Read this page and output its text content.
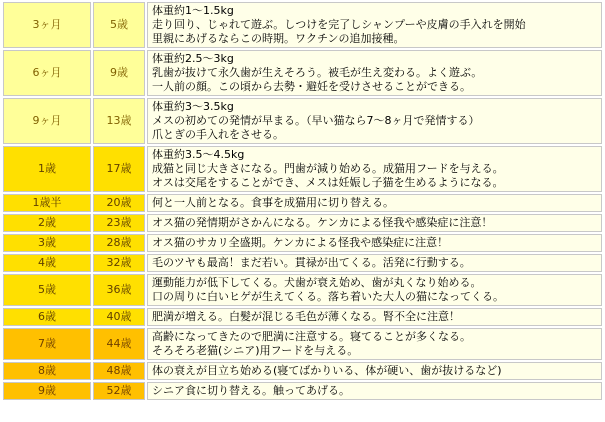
3ヶ月	5歳	体重約1～1.5kg
走り回り、じゃれて遊ぶ。しつけを完了しシャンプーや皮膚の手入れを開始
里親にあげるならこの時期。ワクチンの追加接種。

6ヶ月	9歳	体重約2.5～3kg
乳歯が抜けて永久歯が生えそろう。被毛が生え変わる。よく遊ぶ。
一人前の顔。この頃から去勢・避妊を受けさせることができる。

9ヶ月	13歳	体重約3～3.5kg
メスの初めての発情が早まる。（早い猫なら7～8ヶ月で発情する）
爪とぎの手入れをさせる。

1歳	17歳	体重約3.5～4.5kg
成猫と同じ大きさになる。門歯が減り始める。成猫用フードを与える。
オスは交尾をすることができ、メスは妊娠し子猫を生めるようになる。

1歳半	20歳	何と一人前となる。食事を成猫用に切り替える。

2歳	23歳	オス猫の発情期がさかんになる。ケンカによる怪我や感染症に注意！

3歳	28歳	オス猫のサカリ全盛期。ケンカによる怪我や感染症に注意！

4歳	32歳	毛のツヤも最高！まだ若い。貫禄が出てくる。活発に行動する。

5歳	36歳	運動能力が低下してくる。犬歯が衰え始め、歯が丸くなり始める。
口の周りに白いヒゲが生えてくる。落ち着いた大人の猫になってくる。

6歳	40歳	肥満が増える。白髪が混じる毛色が薄くなる。腎不全に注意！

7歳	44歳	高齢になってきたので肥満に注意する。寝てることが多くなる。
そろそろ老猫(シニア)用フードを与える。

8歳	48歳	体の衰えが目立ち始める(寝てばかりいる、体が硬い、歯が抜けるなど)

9歳	52歳	シニア食に切り替える。触ってあげる。
